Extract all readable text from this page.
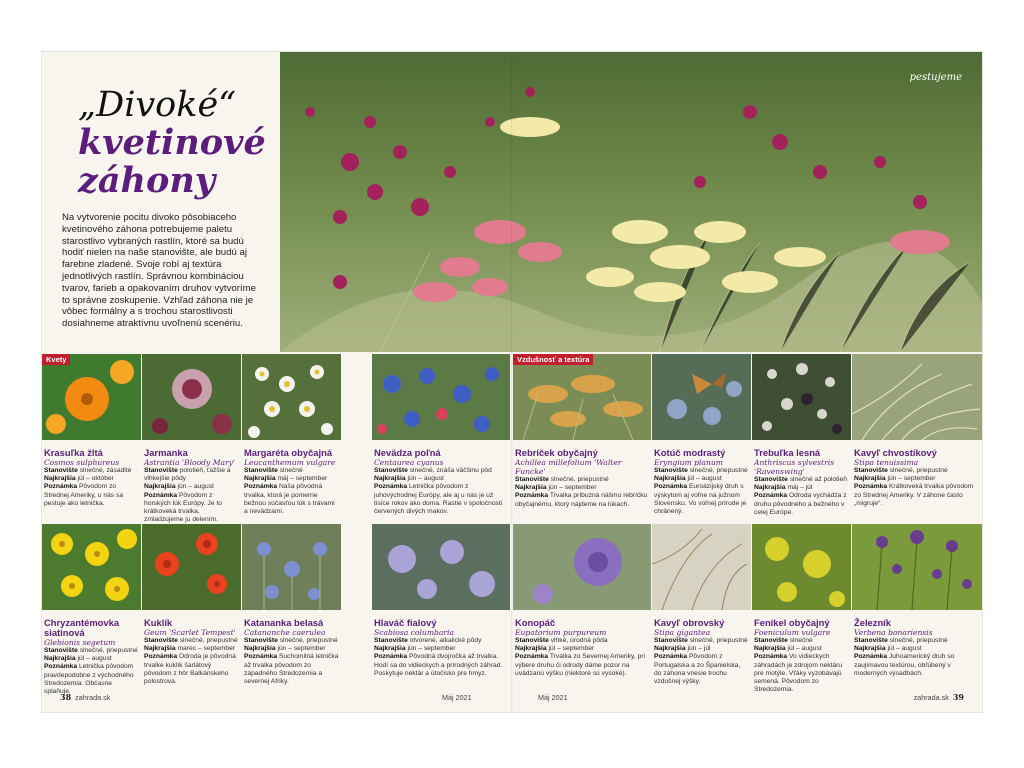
„Divoké“
kvetinové
záhony
Na vytvorenie pocitu divoko pôsobiaceho kvetinového záhona potrebujeme paletu starostlivo vybraných rastlín, ktoré sa budú hodiť nielen na naše stanovište, ale budú aj farebne zladené. Svoje robí aj textúra jednotlivých rastlín. Správnou kombináciou tvarov, farieb a opakovaním druhov vytvoríme to správne zoskupenie. Vzhľad záhona nie je vôbec formálny a s trochou starostlivosti dosiahneme atraktívnu uvoľnenú scenériu.
pestujeme
Kvety
Krasuľka žltá
Cosmos sulphureus
Stanovište slnečné, zásadité
Najkrajšia júl – október
Poznámka Pôvodom zo Strednej Ameriky, u nás sa pestuje ako letnička.
Jarmanka
Astrantia 'Bloody Mary'
Stanovište polotieň, ťažšie a vlhkejšie pôdy
Najkrajšia jún – august
Poznámka Pôvodom z horských lúk Európy. Je to krátkoveká trvalka, zmladzujeme ju delením.
Margaréta obyčajná
Leucanthemum vulgare
Stanovište slnečné
Najkrajšia máj – september
Poznámka Naša pôvodná trvalka, ktorá je pomerne bežnou súčasťou lúk s trávami a nevädzami.
Nevädza poľná
Centaurea cyanus
Stanovište slnečné, znáša väčšinu pôd
Najkrajšia jún – august
Poznámka Letnička pôvodom z juhovýchodnej Európy, ale aj u nás je už tisíce rokov ako doma. Rastie v spoločnosti červených divých makov.
Vzdušnosť a textúra
Rebríček obyčajný
Achillea millefolium 'Walter Funcke'
Stanovište slnečné, priepustné
Najkrajšia jún – september
Poznámka Trvalka príbuzná nášmu rebríčku obyčajnému, ktorý nájdeme na lúkach.
Kotúč modrastý
Eryngium planum
Stanovište slnečné, priepustné
Najkrajšia júl – august
Poznámka Euroázijský druh s výskytom aj voľne na južnom Slovensku. Vo voľnej prírode je chránený.
Trebuľka lesná
Anthriscus sylvestris 'Ravenswing'
Stanovište slnečné až polotieň
Najkrajšia máj – júl
Poznámka Odroda vychádza z druhu pôvodného a bežného v celej Európe.
Kavyľ chvostíkový
Stipa tenuissima
Stanovište slnečné, priepustné
Najkrajšia jún – september
Poznámka Krátkoveká trvalka pôvodom zo Strednej Ameriky. V záhone často „migruje“.
Chryzantémovka siatinová
Glebionis segetum
Stanovište slnečné, priepustné
Najkrajšia júl – august
Poznámka Letnička pôvodom pravdepodobne z východného Stredozemia. Občasne splaňuje.
Kuklík
Geum 'Scarlet Tempest'
Stanovište slnečné, priepustné
Najkrajšia marec – september
Poznámka Odroda je pôvodná trvalke kuklík šarlátový pôvodom z hôr Balkánskeho polostrova.
Katananka belasá
Catananche caerulea
Stanovište slnečné, priepustné
Najkrajšia jún – september
Poznámka Suchomilná letnička až trvalka pôvodom zo západného Stredozemia a severnej Afriky.
Hlaváč fialový
Scabiosa columbaria
Stanovište otvorené, alkalické pôdy
Najkrajšia jún – september
Poznámka Pôvodná dvojročka až trvalka. Hodí sa do vidieckych a prírodných záhrad. Poskytuje nektár a útočisko pre hmyz.
Konopáč
Eupatorium purpureum
Stanovište vlhké, úrodná pôda
Najkrajšia júl – september
Poznámka Trvalka zo Severnej Ameriky, pri výbere druhu či odrody dáme pozor na uvádzanú výšku (niektoré sú vysoké).
Kavyľ obrovský
Stipa gigantea
Stanovište slnečné, priepustné
Najkrajšia jún – júl
Poznámka Pôvodom z Portugalska a zo Španielska, do záhona vnesie trochu vzdušnej výšky.
Fenikel obyčajný
Foeniculum vulgare
Stanovište slnečné
Najkrajšia júl – august
Poznámka Vo vidieckych záhradách je zdrojom nektáru pre motýle. Vťáky vyzobávajú semená. Pôvodom zo Stredozemia.
Železník
Verbena bonariensis
Stanovište slnečné, priepustné
Najkrajšia júl – august
Poznámka Juhoamerický druh so zaujímavou textúrou, obľúbený v moderných výsadbách.
38 zahrada.sk	Máj 2021	Máj 2021	zahrada.sk 39
